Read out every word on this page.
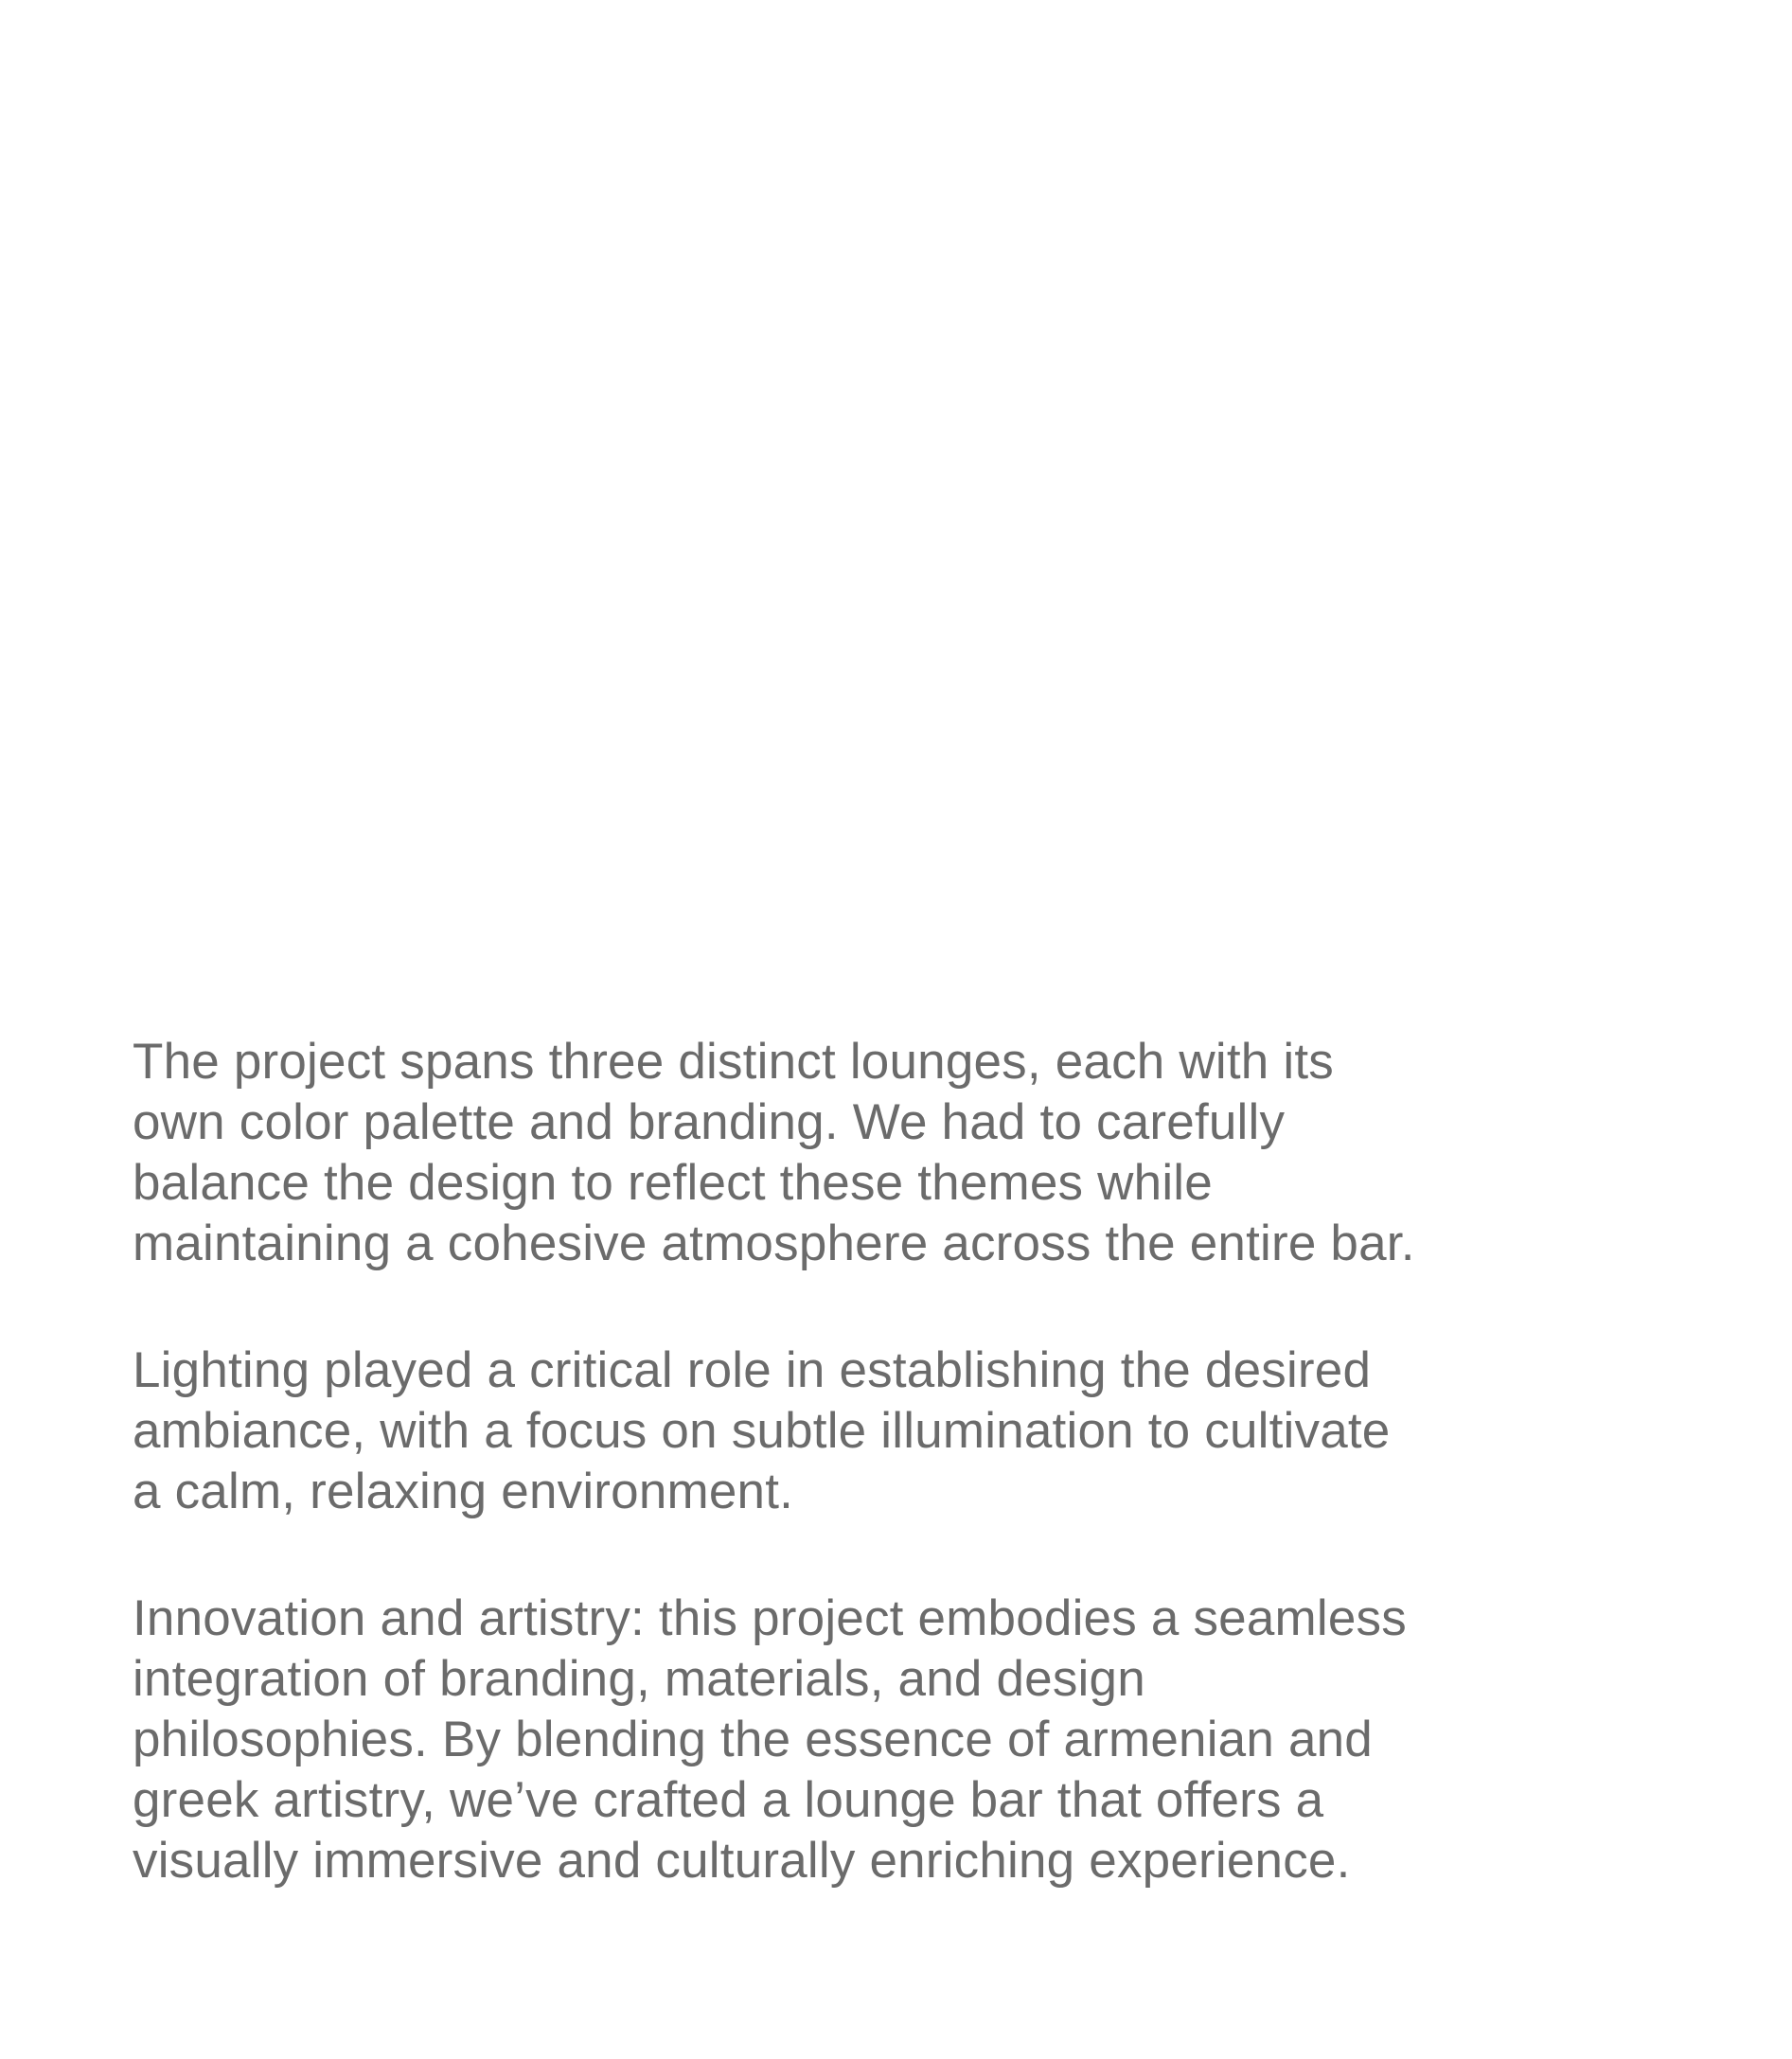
The project spans three distinct lounges, each with its
own color palette and branding. We had to carefully
balance the design to reflect these themes while
maintaining a cohesive atmosphere across the entire bar.

Lighting played a critical role in establishing the desired
ambiance, with a focus on subtle illumination to cultivate
a calm, relaxing environment.

Innovation and artistry: this project embodies a seamless
integration of branding, materials, and design
philosophies. By blending the essence of armenian and
greek artistry, we’ve crafted a lounge bar that offers a
visually immersive and culturally enriching experience.
